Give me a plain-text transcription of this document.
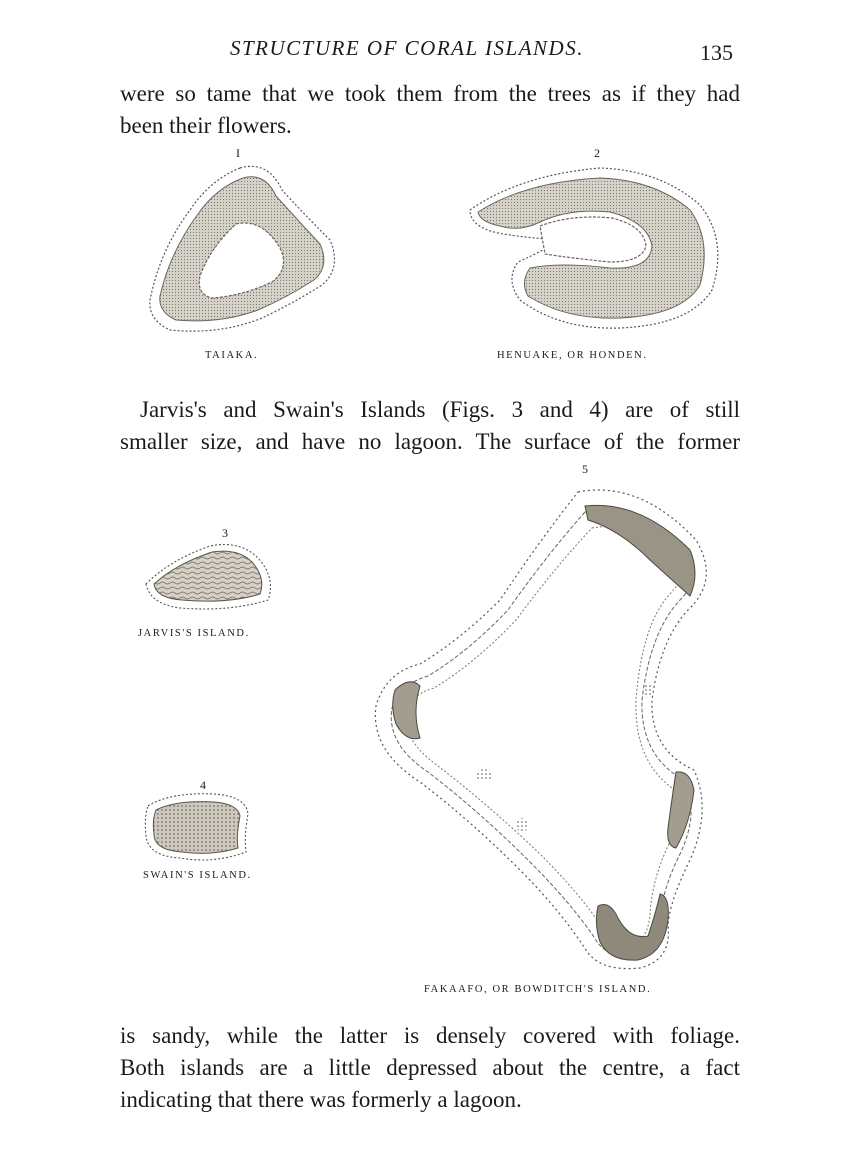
STRUCTURE OF CORAL ISLANDS.	135
were so tame that we took them from the trees as if they had
been their flowers.
I	2
5
3
4
TAIAKA.	HENUAKE, OR HONDEN.
JARVIS'S ISLAND.
SWAIN'S ISLAND.
FAKAAFO, OR BOWDITCH'S ISLAND.
Jarvis's and Swain's Islands (Figs. 3 and 4) are of still
smaller size, and have no lagoon. The surface of the former
is sandy, while the latter is densely covered with foliage.
Both islands are a little depressed about the centre, a fact
indicating that there was formerly a lagoon.
